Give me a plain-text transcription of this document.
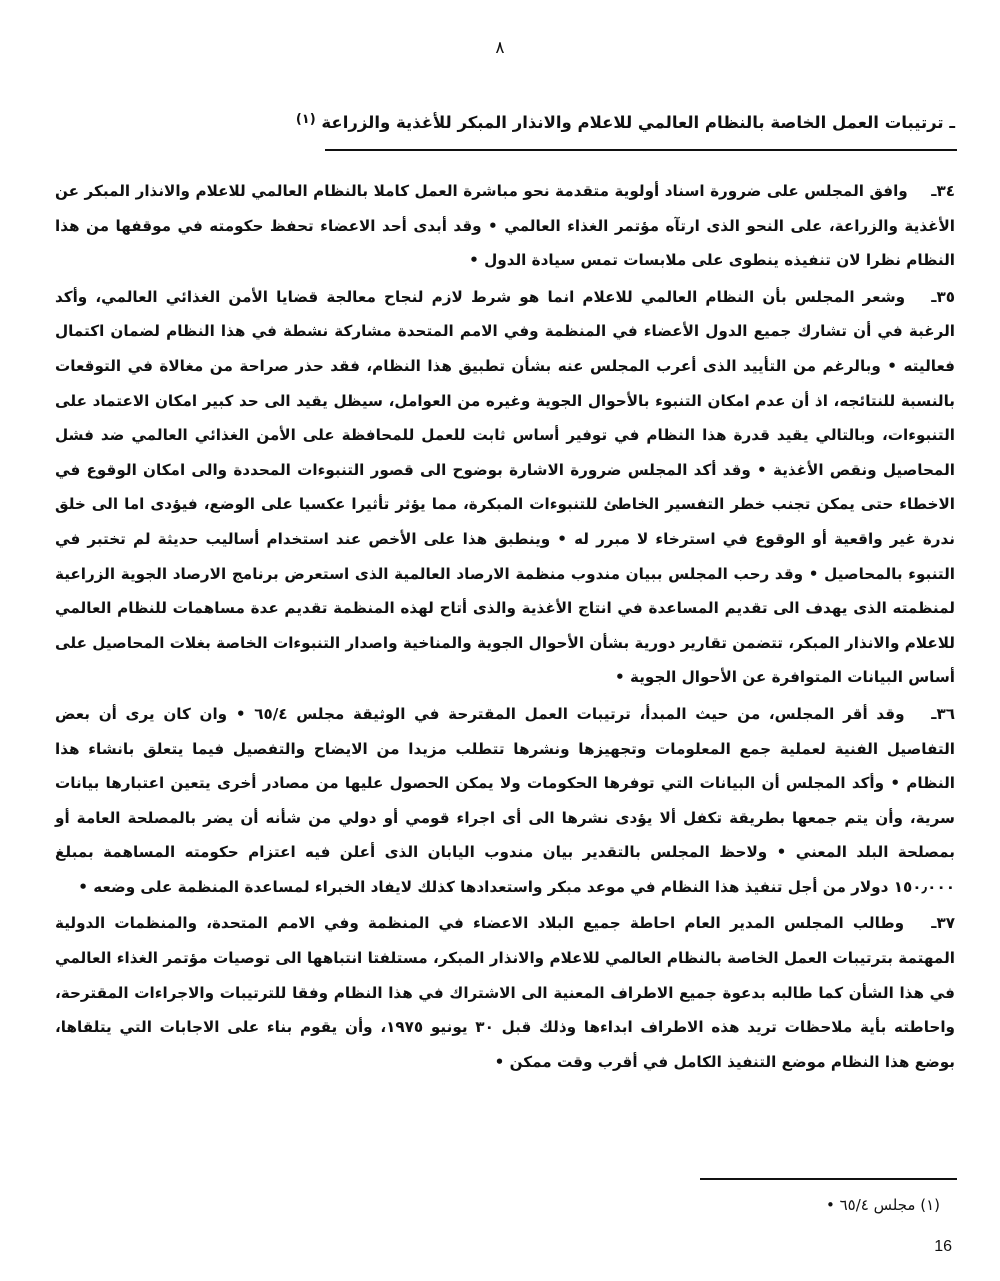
٨
ـ ترتيبات العمل الخاصة بالنظام العالمي للاعلام والانذار المبكر للأغذية والزراعة $^{(١)}$

٣٤ـ وافق المجلس على ضرورة اسناد أولوية متقدمة نحو مباشرة العمل كاملا بالنظام العالمي للاعلام والانذار المبكر عن الأغذية والزراعة، على النحو الذى ارتآه مؤتمر الغذاء العالمي • وقد أبدى أحد الاعضاء تحفظ حكومته في موقفها من هذا النظام نظرا لان تنفيذه ينطوى على ملابسات تمس سيادة الدول •

٣٥ـ وشعر المجلس بأن النظام العالمي للاعلام انما هو شرط لازم لنجاح معالجة قضايا الأمن الغذائي العالمي، وأكد الرغبة في أن تشارك جميع الدول الأعضاء في المنظمة وفي الامم المتحدة مشاركة نشطة في هذا النظام لضمان اكتمال فعاليته • وبالرغم من التأييد الذى أعرب المجلس عنه بشأن تطبيق هذا النظام، فقد حذر صراحة من مغالاة في التوقعات بالنسبة للنتائجه، اذ أن عدم امكان التنبوء بالأحوال الجوية وغيره من العوامل، سيظل يقيد الى حد كبير امكان الاعتماد على التنبوءات، وبالتالي يقيد قدرة هذا النظام في توفير أساس ثابت للعمل للمحافظة على الأمن الغذائي العالمي ضد فشل المحاصيل ونقص الأغذية • وقد أكد المجلس ضرورة الاشارة بوضوح الى قصور التنبوءات المحددة والى امكان الوقوع في الاخطاء حتى يمكن تجنب خطر التفسير الخاطئ للتنبوءات المبكرة، مما يؤثر تأثيرا عكسيا على الوضع، فيؤدى اما الى خلق ندرة غير واقعية أو الوقوع في استرخاء لا مبرر له • وينطبق هذا على الأخص عند استخدام أساليب حديثة لم تختبر في التنبوء بالمحاصيل • وقد رحب المجلس ببيان مندوب منظمة الارصاد العالمية الذى استعرض برنامج الارصاد الجوية الزراعية لمنظمته الذى يهدف الى تقديم المساعدة في انتاج الأغذية والذى أتاح لهذه المنظمة تقديم عدة مساهمات للنظام العالمي للاعلام والانذار المبكر، تتضمن تقارير دورية بشأن الأحوال الجوية والمناخية واصدار التنبوءات الخاصة بغلات المحاصيل على أساس البيانات المتوافرة عن الأحوال الجوية •

٣٦ـ وقد أقر المجلس، من حيث المبدأ، ترتيبات العمل المقترحة في الوثيقة مجلس ٦٥/٤ • وان كان يرى أن بعض التفاصيل الفنية لعملية جمع المعلومات وتجهيزها ونشرها تتطلب مزيدا من الايضاح والتفصيل فيما يتعلق بانشاء هذا النظام • وأكد المجلس أن البيانات التي توفرها الحكومات ولا يمكن الحصول عليها من مصادر أخرى يتعين اعتبارها بيانات سرية، وأن يتم جمعها بطريقة تكفل ألا يؤدى نشرها الى أى اجراء قومي أو دولي من شأنه أن يضر بالمصلحة العامة أو بمصلحة البلد المعني • ولاحظ المجلس بالتقدير بيان مندوب اليابان الذى أعلن فيه اعتزام حكومته المساهمة بمبلغ ١٥٠٫٠٠٠ دولار من أجل تنفيذ هذا النظام في موعد مبكر واستعدادها كذلك لايفاد الخبراء لمساعدة المنظمة على وضعه •

٣٧ـ وطالب المجلس المدير العام احاطة جميع البلاد الاعضاء في المنظمة وفي الامم المتحدة، والمنظمات الدولية المهتمة بترتيبات العمل الخاصة بالنظام العالمي للاعلام والانذار المبكر، مستلفتا انتباهها الى توصيات مؤتمر الغذاء العالمي في هذا الشأن كما طالبه بدعوة جميع الاطراف المعنية الى الاشتراك في هذا النظام وفقا للترتيبات والاجراءات المقترحة، واحاطته بأية ملاحظات تريد هذه الاطراف ابداءها وذلك قبل ٣٠ يونيو ١٩٧٥، وأن يقوم بناء على الاجابات التي يتلقاها، بوضع هذا النظام موضع التنفيذ الكامل في أقرب وقت ممكن •

(١) مجلس ٦٥/٤ •
16
